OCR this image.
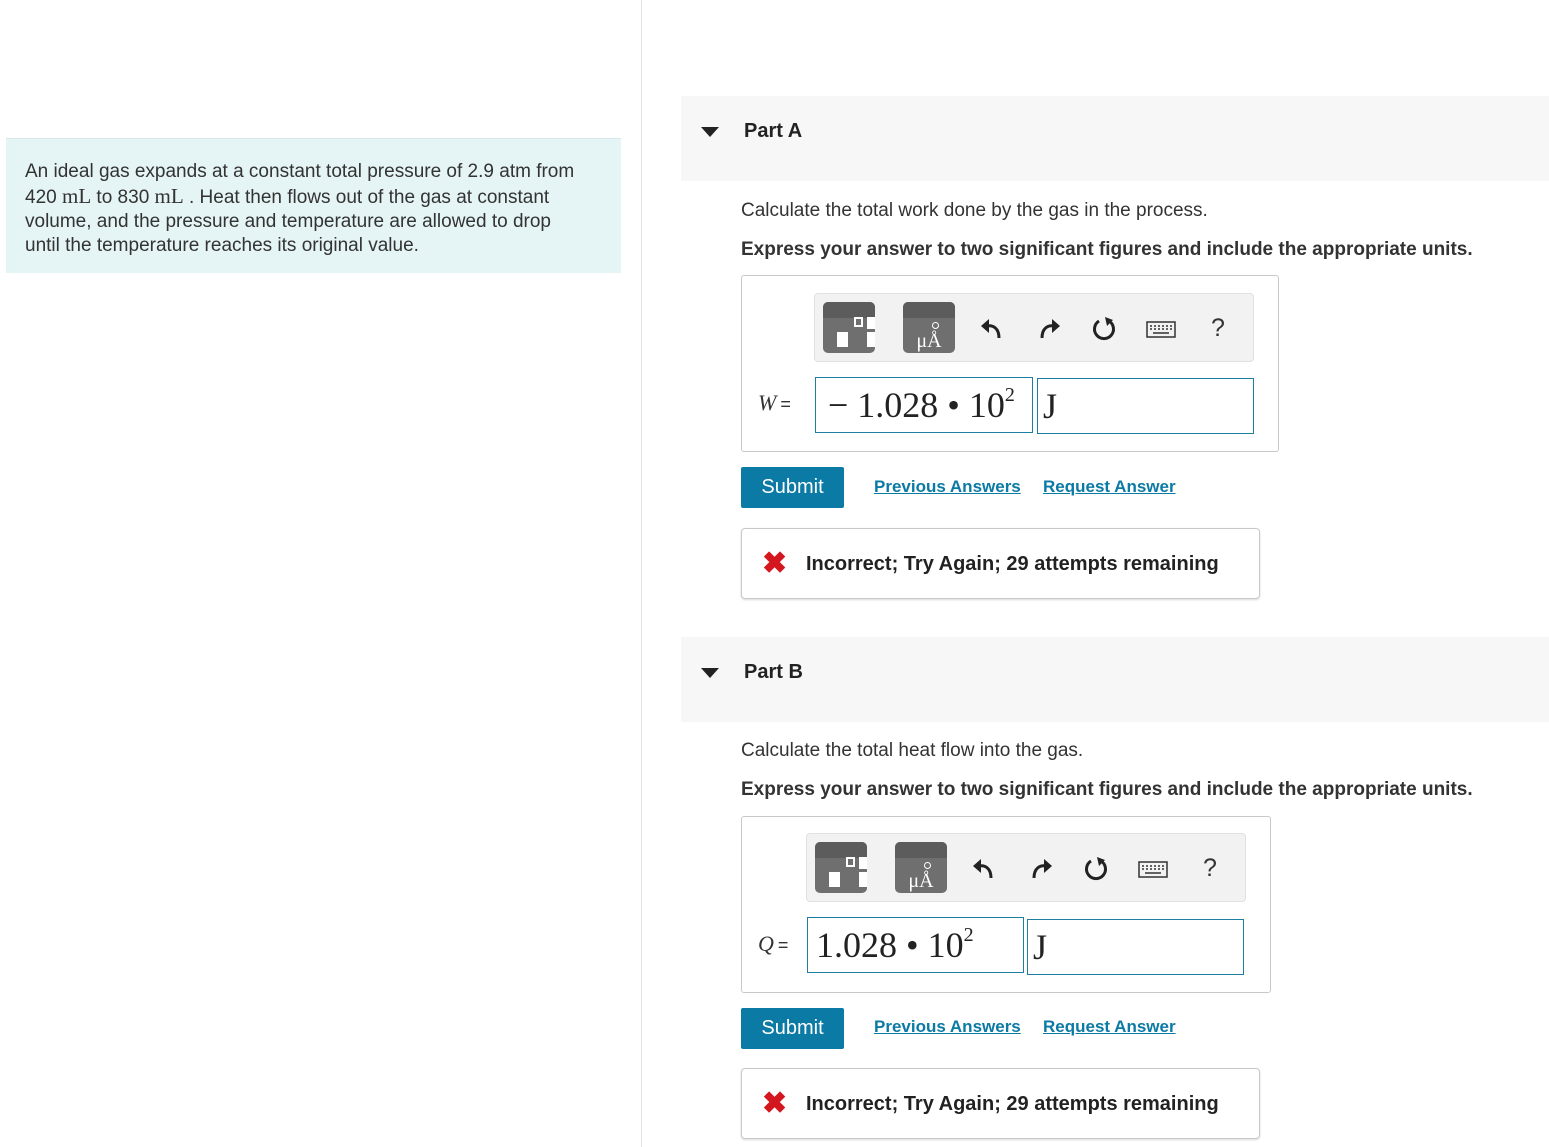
An ideal gas expands at a constant total pressure of 2.9 atm from
420 mL to 830 mL . Heat then flows out of the gas at constant
volume, and the pressure and temperature are allowed to drop
until the temperature reaches its original value.
Part A
Calculate the total work done by the gas in the process.
Express your answer to two significant figures and include the appropriate units.
μÅ	?
W =	− 1.028 • $10^2$ J
Submit	Previous Answers Request Answer
✖ Incorrect; Try Again; 29 attempts remaining
Part B
Calculate the total heat flow into the gas.
Express your answer to two significant figures and include the appropriate units.
μÅ	?
Q = 1.028 • $10^2$	J
Submit	Previous Answers Request Answer
✖ Incorrect; Try Again; 29 attempts remaining
